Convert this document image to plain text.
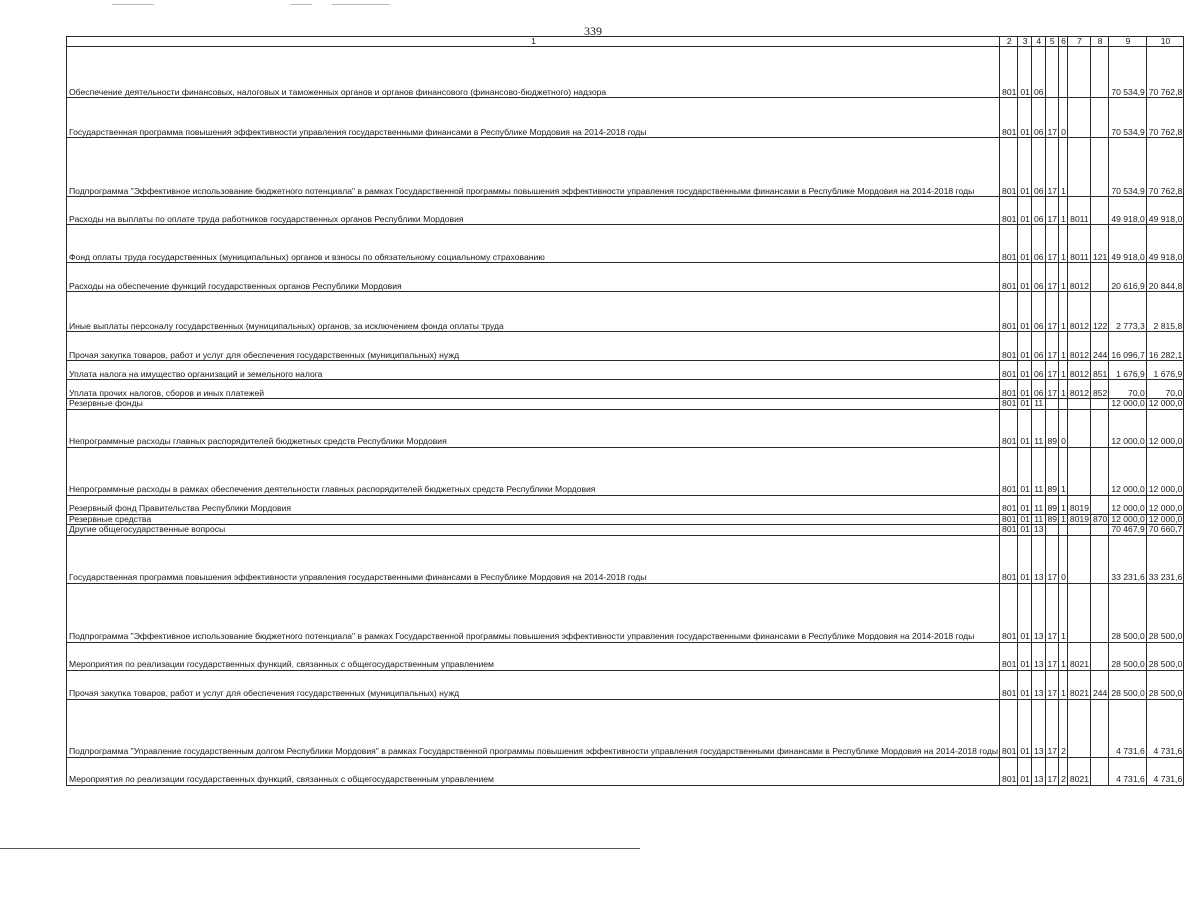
339
1	2	3	4	5	6	7	8	9	10
Обеспечение деятельности финансовых, налоговых и таможенных органов и органов финансового (финансово-бюджетного) надзора	801	01	06					70 534,9	70 762,8
Государственная программа повышения эффективности управления государственными финансами в Республике Мордовия на 2014-2018 годы	801	01	06	17	0			70 534,9	70 762,8
Подпрограмма "Эффективное использование бюджетного потенциала" в рамках Государственной программы повышения эффективности управления государственными финансами в Республике Мордовия на 2014-2018 годы	801	01	06	17	1			70 534,9	70 762,8
Расходы на выплаты по оплате труда работников государственных органов Республики Мордовия	801	01	06	17	1	8011		49 918,0	49 918,0
Фонд оплаты труда государственных (муниципальных) органов и взносы по обязательному социальному страхованию	801	01	06	17	1	8011	121	49 918,0	49 918,0
Расходы на обеспечение функций государственных органов Республики Мордовия	801	01	06	17	1	8012		20 616,9	20 844,8
Иные выплаты персоналу государственных (муниципальных) органов, за исключением фонда оплаты труда	801	01	06	17	1	8012	122	2 773,3	2 815,8
Прочая закупка товаров, работ и услуг для обеспечения государственных (муниципальных) нужд	801	01	06	17	1	8012	244	16 096,7	16 282,1
Уплата налога на имущество организаций и земельного налога	801	01	06	17	1	8012	851	1 676,9	1 676,9
Уплата прочих налогов, сборов и иных платежей	801	01	06	17	1	8012	852	70,0	70,0
Резервные фонды	801	01	11					12 000,0	12 000,0
Непрограммные расходы главных распорядителей бюджетных средств Республики Мордовия	801	01	11	89	0			12 000,0	12 000,0
Непрограммные расходы в рамках обеспечения деятельности главных распорядителей бюджетных средств Республики Мордовия	801	01	11	89	1			12 000,0	12 000,0
Резервный фонд Правительства Республики Мордовия	801	01	11	89	1	8019		12 000,0	12 000,0
Резервные средства	801	01	11	89	1	8019	870	12 000,0	12 000,0
Другие общегосударственные вопросы	801	01	13					70 467,9	70 660,7
Государственная программа повышения эффективности управления государственными финансами в Республике Мордовия на 2014-2018 годы	801	01	13	17	0			33 231,6	33 231,6
Подпрограмма "Эффективное использование бюджетного потенциала" в рамках Государственной программы повышения эффективности управления государственными финансами в Республике Мордовия на 2014-2018 годы	801	01	13	17	1			28 500,0	28 500,0
Мероприятия по реализации государственных функций, связанных с общегосударственным управлением	801	01	13	17	1	8021		28 500,0	28 500,0
Прочая закупка товаров, работ и услуг для обеспечения государственных (муниципальных) нужд	801	01	13	17	1	8021	244	28 500,0	28 500,0
Подпрограмма "Управление государственным долгом Республики Мордовия" в рамках Государственной программы повышения эффективности управления государственными финансами в Республике Мордовия на 2014-2018 годы	801	01	13	17	2			4 731,6	4 731,6
Мероприятия по реализации государственных функций, связанных с общегосударственным управлением	801	01	13	17	2	8021		4 731,6	4 731,6
